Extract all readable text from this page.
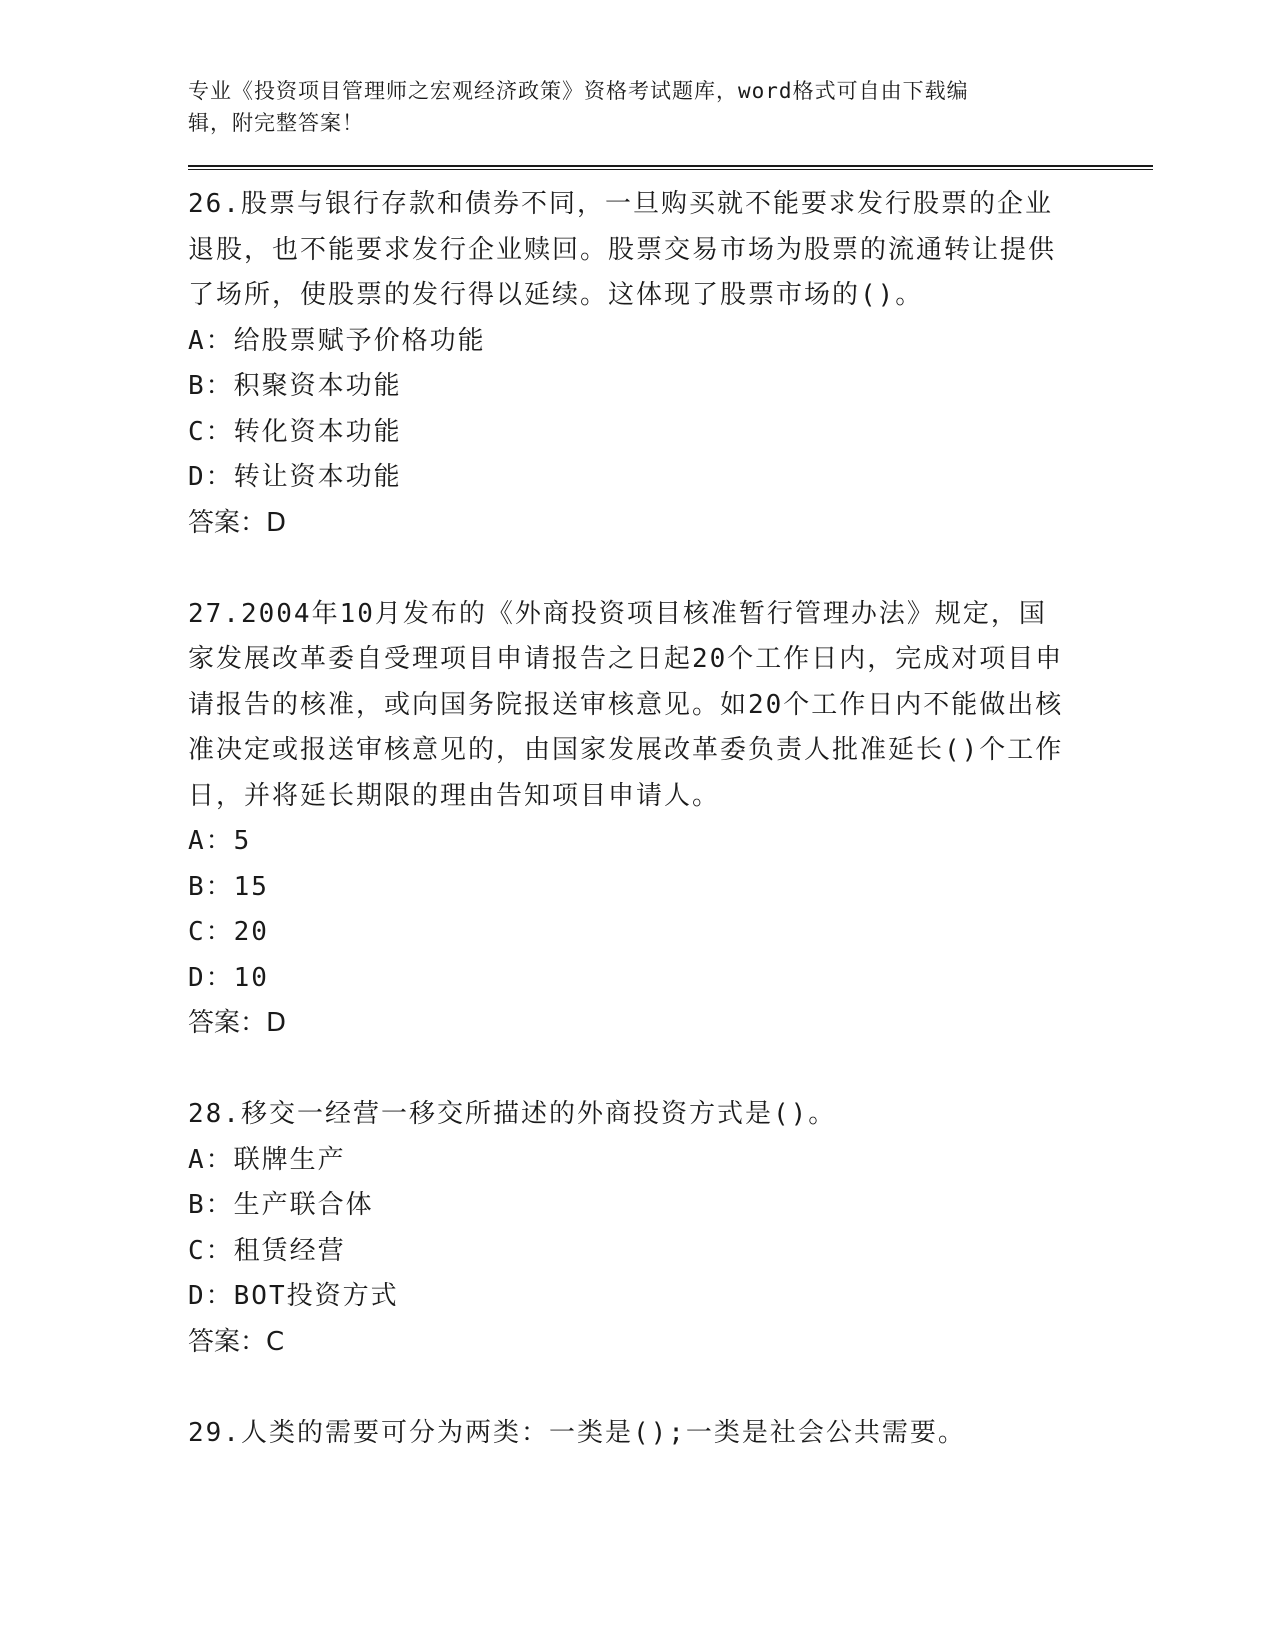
专业《投资项目管理师之宏观经济政策》资格考试题库，word格式可自由下载编
辑，附完整答案！
26.股票与银行存款和债券不同，一旦购买就不能要求发行股票的企业退股，也不能要求发行企业赎回。股票交易市场为股票的流通转让提供了场所，使股票的发行得以延续。这体现了股票市场的()。
A：给股票赋予价格功能
B：积聚资本功能
C：转化资本功能
D：转让资本功能
答案：D
27.2004年10月发布的《外商投资项目核准暂行管理办法》规定，国家发展改革委自受理项目申请报告之日起20个工作日内，完成对项目申请报告的核准，或向国务院报送审核意见。如20个工作日内不能做出核准决定或报送审核意见的，由国家发展改革委负责人批准延长()个工作日，并将延长期限的理由告知项目申请人。
A：5
B：15
C：20
D：10
答案：D
28.移交一经营一移交所描述的外商投资方式是()。
A：联牌生产
B：生产联合体
C：租赁经营
D：BOT投资方式
答案：C
29.人类的需要可分为两类：一类是();一类是社会公共需要。
